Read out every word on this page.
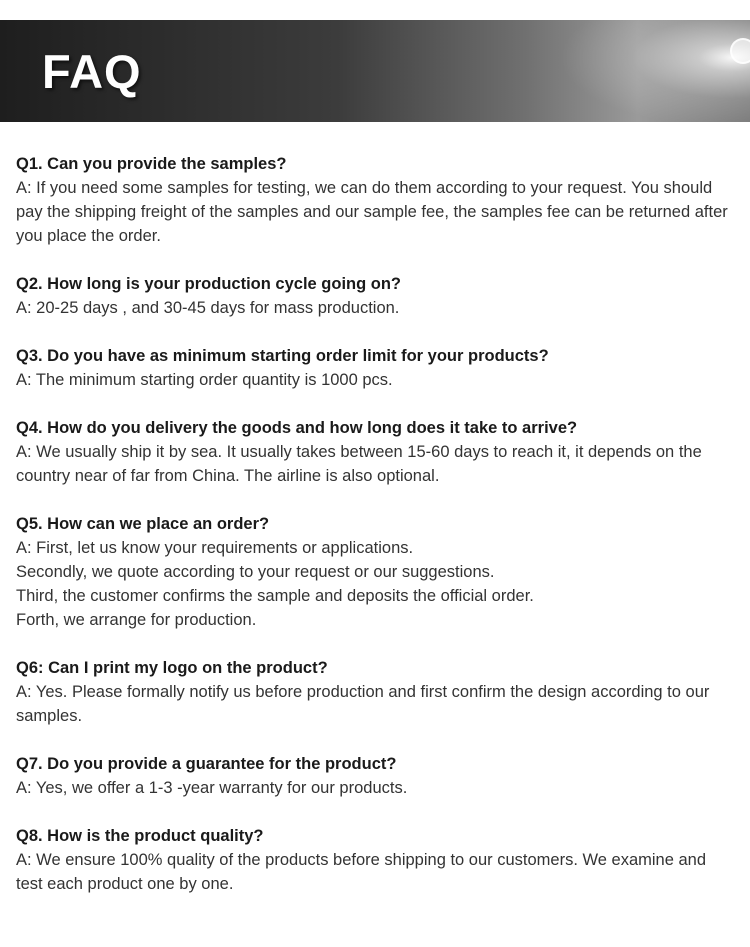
FAQ
Q1. Can you provide the samples?
A: If you need some samples for testing, we can do them according to your request. You should pay the shipping freight of the samples and our sample fee, the samples fee can be returned after you place the order.
Q2. How long is your production cycle going on?
A: 20-25 days , and 30-45 days for mass production.
Q3. Do you have as minimum starting order limit for your products?
A: The minimum starting order quantity is 1000 pcs.
Q4. How do you delivery the goods and how long does it take to arrive?
A: We usually ship it by sea. It usually takes between 15-60 days to reach it, it depends on the country near of far from China. The airline is also optional.
Q5. How can we place an order?
A: First, let us know your requirements or applications.
Secondly, we quote according to your request or our suggestions.
Third, the customer confirms the sample and deposits the official order.
Forth, we arrange for production.
Q6: Can I print my logo on the product?
A: Yes. Please formally notify us before production and first confirm the design according to our samples.
Q7. Do you provide a guarantee for the product?
A: Yes, we offer a 1-3 -year warranty for our products.
Q8. How is the product quality?
A: We ensure 100% quality of the products before shipping to our customers. We examine and test each product one by one.
